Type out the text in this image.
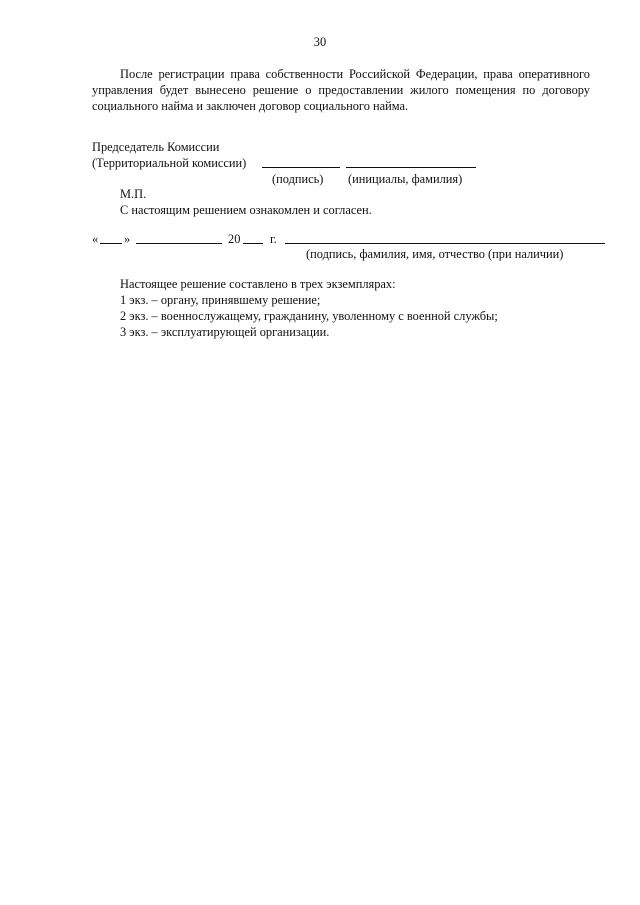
30
После регистрации права собственности Российской Федерации, права оперативного управления будет вынесено решение о предоставлении жилого помещения по договору социального найма и заключен договор социального найма.
Председатель Комиссии
(Территориальной комиссии)
(подпись) (инициалы, фамилия)
М.П.
С настоящим решением ознакомлен и согласен.
« »	20 г.
(подпись, фамилия, имя, отчество (при наличии)
Настоящее решение составлено в трех экземплярах:
1 экз. – органу, принявшему решение;
2 экз. – военнослужащему, гражданину, уволенному с военной службы;
3 экз. – эксплуатирующей организации.
